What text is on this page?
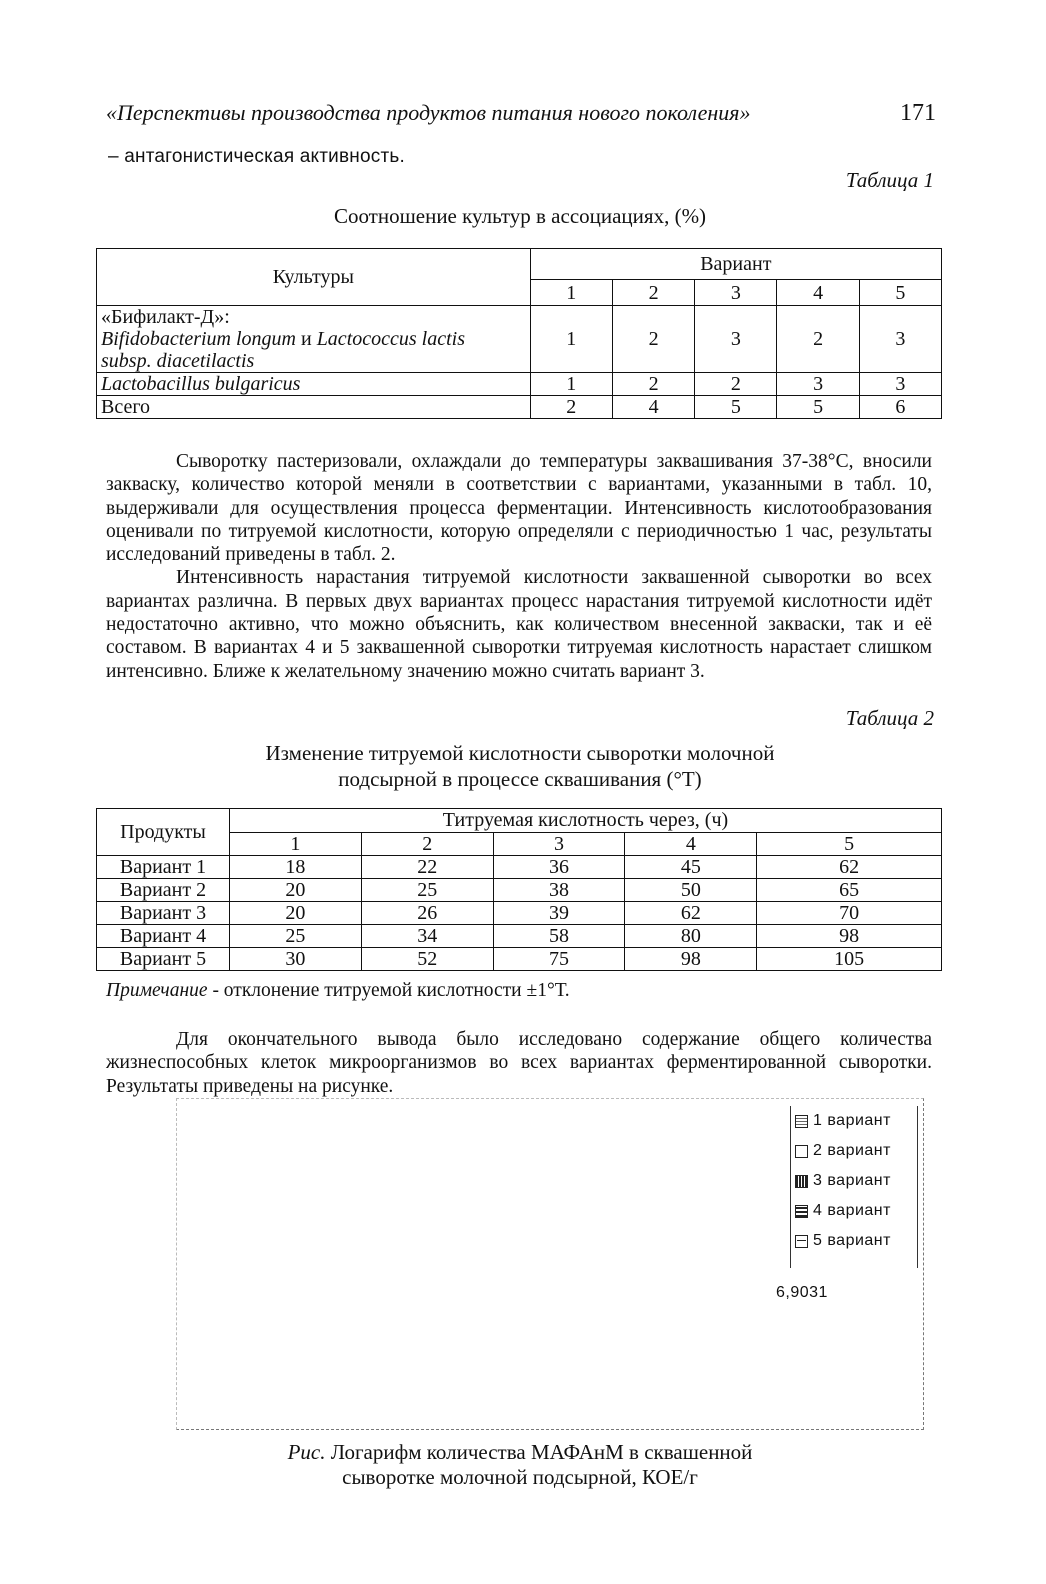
«Перспективы производства продуктов питания нового поколения»	171
– антагонистическая активность.
Таблица 1
Соотношение культур в ассоциациях, (%)
Культуры	Вариант				
	1	2	3	4	5
«Бифилакт-Д»:
Bifidobacterium longum и Lactococcus lactis
subsp. diacetilactis	1	2	3	2	3
Lactobacillus bulgaricus	1	2	2	3	3
Всего	2	4	5	5	6

Сыворотку пастеризовали, охлаждали до температуры заквашивания 37-38°С, вносили закваску, количество которой меняли в соответствии с вариантами, указанными в табл. 10, выдерживали для осуществления процесса ферментации. Интенсивность кислотообразования оценивали по титруемой кислотности, которую определяли с периодичностью 1 час, результаты исследований приведены в табл. 2.

Интенсивность нарастания титруемой кислотности заквашенной сыворотки во всех вариантах различна. В первых двух вариантах процесс нарастания титруемой кислотности идёт недостаточно активно, что можно объяснить, как количеством внесенной закваски, так и её составом. В вариантах 4 и 5 заквашенной сыворотки титруемая кислотность нарастает слишком интенсивно. Ближе к желательному значению можно считать вариант 3.

Таблица 2
Изменение титруемой кислотности сыворотки молочной
подсырной в процессе сквашивания (°Т)
Продукты	Титруемая кислотность через, (ч)				
	1	2	3	4	5
Вариант 1	18	22	36	45	62
Вариант 2	20	25	38	50	65
Вариант 3	20	26	39	62	70
Вариант 4	25	34	58	80	98
Вариант 5	30	52	75	98	105
Примечание - отклонение титруемой кислотности ±1°Т.

Для окончательного вывода было исследовано содержание общего количества жизнеспособных клеток микроорганизмов во всех вариантах ферментированной сыворотки. Результаты приведены на рисунке.

1 вариант
2 вариант
3 вариант
4 вариант
5 вариант
6,9031
Рис. Логарифм количества МАФАнМ в сквашенной
сыворотке молочной подсырной, КОЕ/г
